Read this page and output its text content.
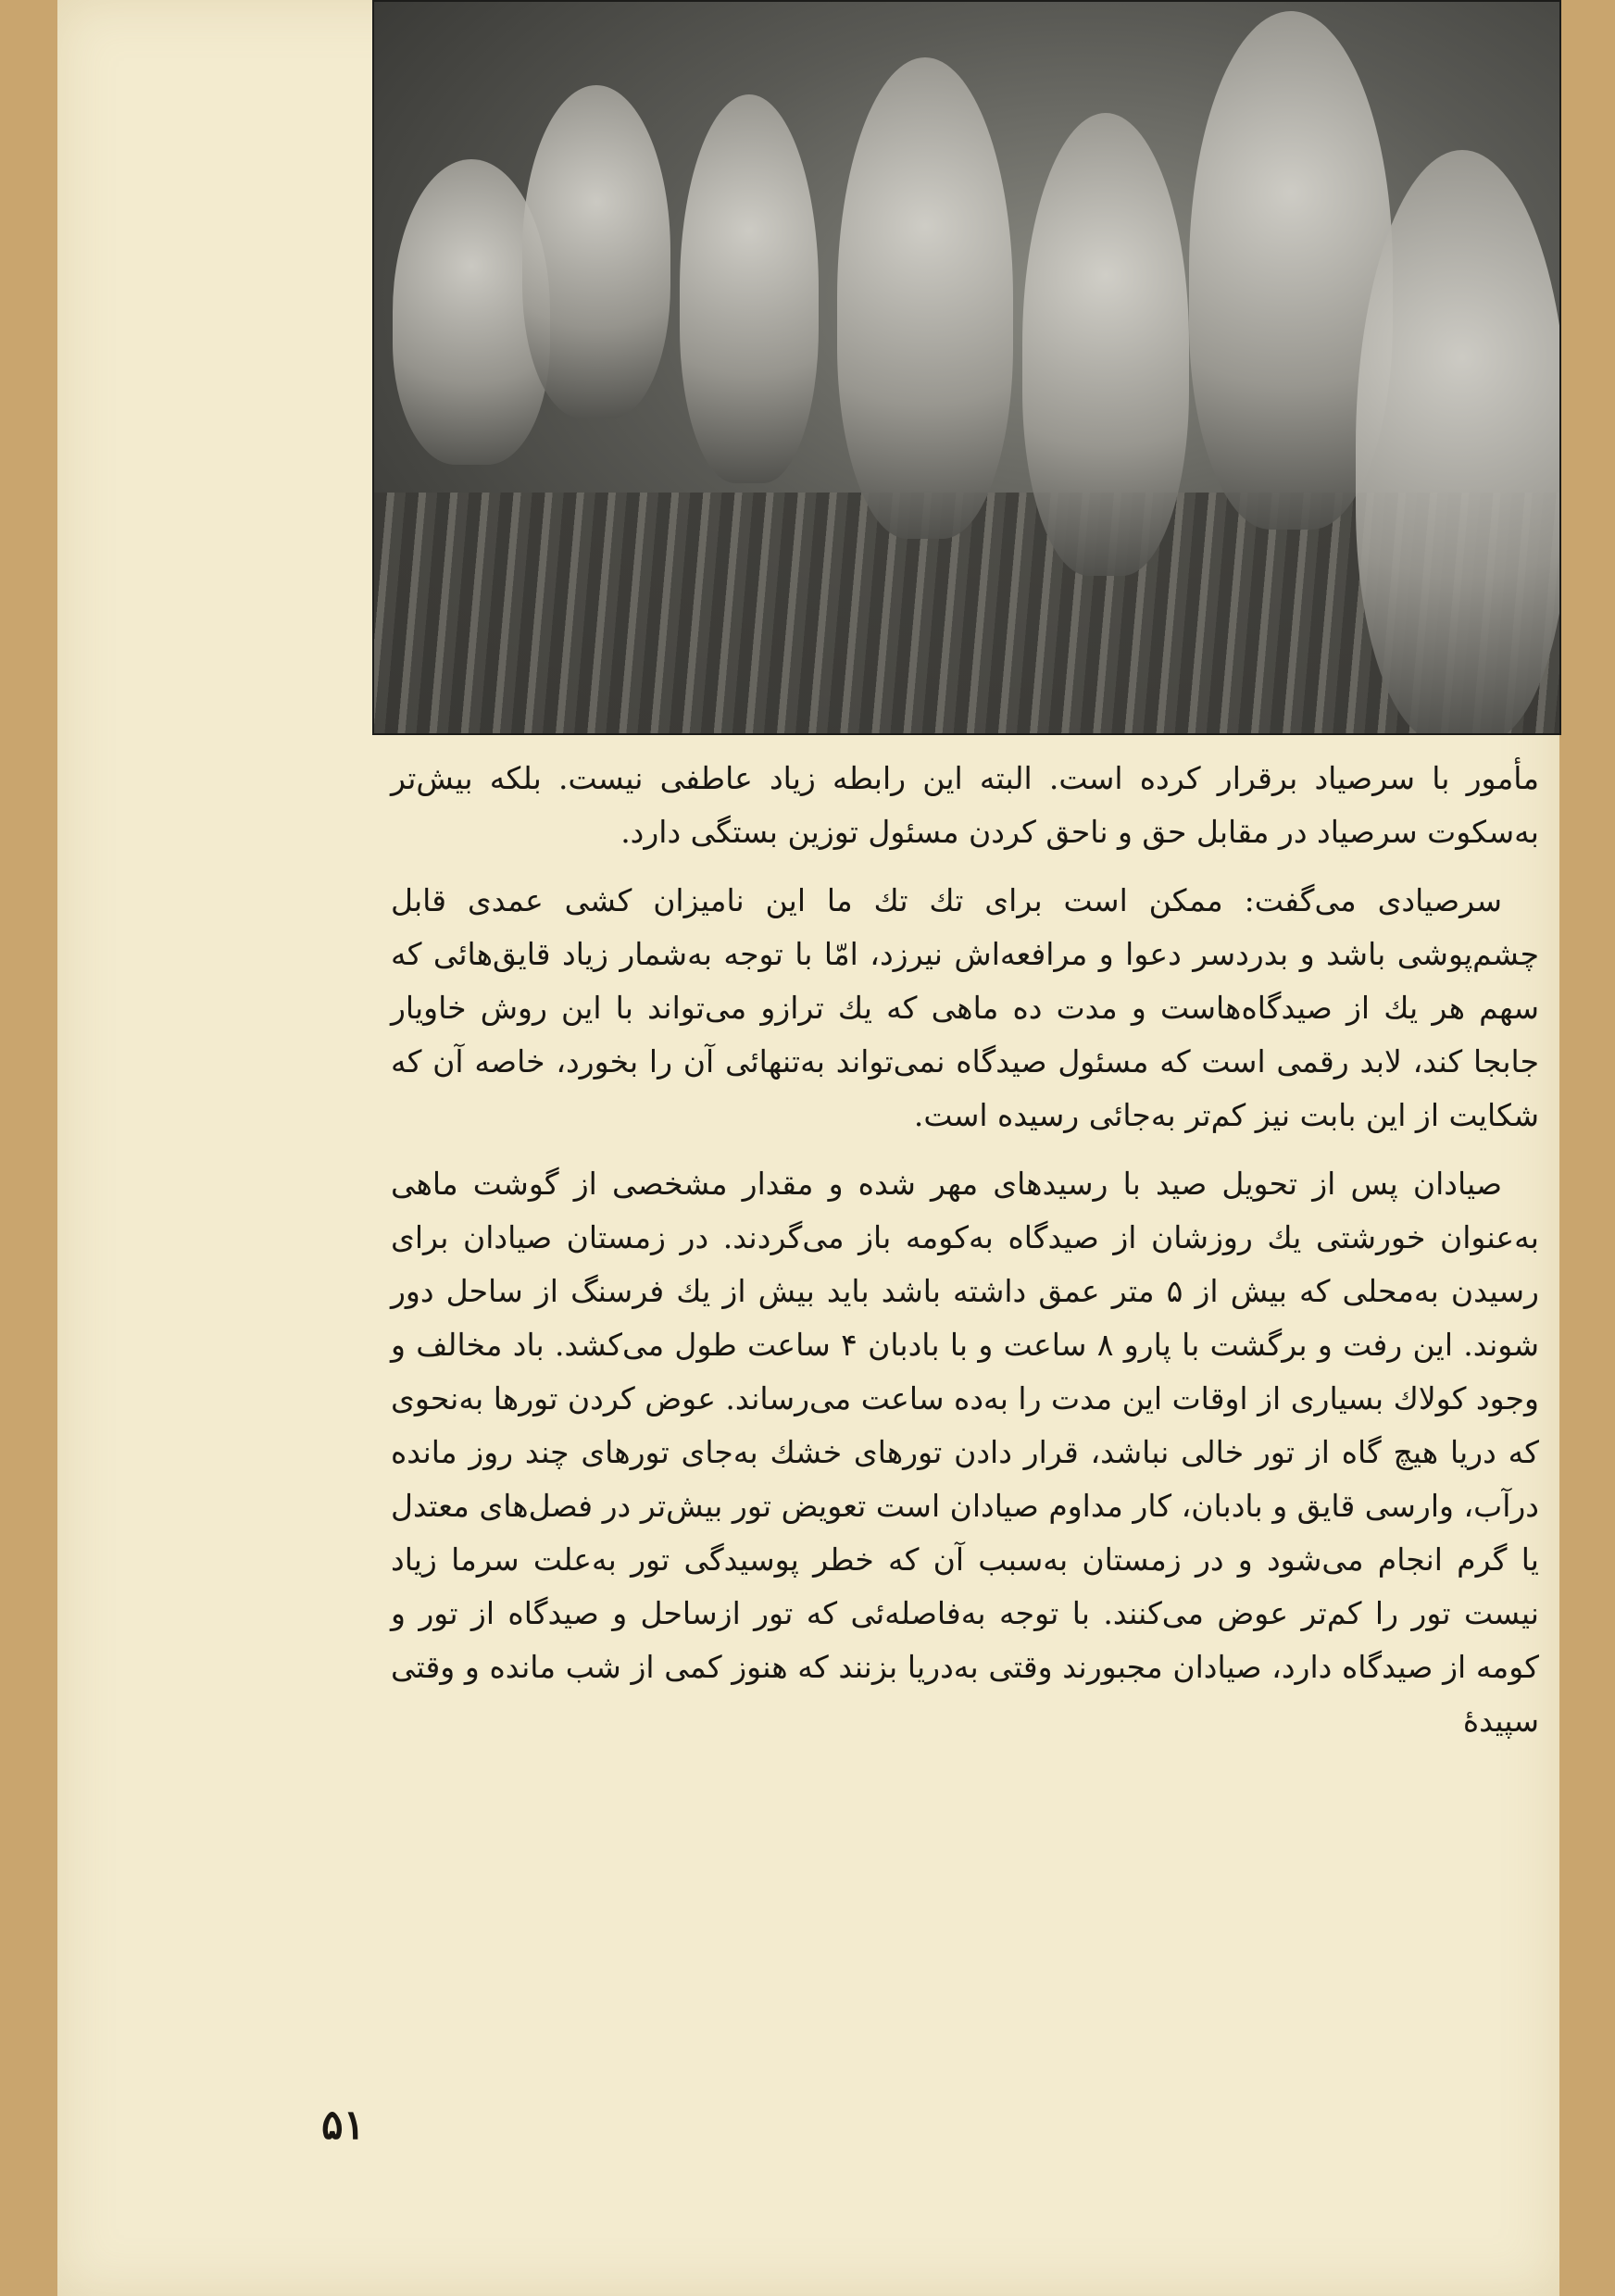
مأمور با سرصیاد برقرار کرده است. البته این رابطه زیاد عاطفی نیست. بلکه بیش‌تر به‌سکوت سرصیاد در مقابل حق و ناحق کردن مسئول توزین بستگی دارد.

سرصیادی می‌گفت: ممکن است برای تك تك ما این نامیزان کشی عمدی قابل چشم‌پوشی باشد و بدردسر دعوا و مرافعه‌اش نیرزد، امّا با توجه به‌شمار زیاد قایق‌هائی که سهم هر یك از صیدگاه‌هاست و مدت ده ماهی که یك ترازو می‌تواند با این روش خاویار جابجا کند، لابد رقمی است که مسئول صیدگاه نمی‌تواند به‌تنهائی آن را بخورد، خاصه آن که شکایت از این بابت نیز کم‌تر به‌جائی رسیده است.

صیادان پس از تحویل صید با رسیدهای مهر شده و مقدار مشخصی از گوشت ماهی به‌عنوان خورشتی یك روزشان از صیدگاه به‌کومه باز می‌گردند. در زمستان صیادان برای رسیدن به‌محلی که بیش از ۵ متر عمق داشته باشد باید بیش از یك فرسنگ از ساحل دور شوند. این رفت و برگشت با پارو ۸ ساعت و با بادبان ۴ ساعت طول می‌کشد. باد مخالف و وجود کولاك بسیاری از اوقات این مدت را به‌ده ساعت می‌رساند. عوض کردن تورها به‌نحوی که دریا هیچ گاه از تور خالی نباشد، قرار دادن تورهای خشك به‌جای تورهای چند روز مانده درآب، وارسی قایق و بادبان، کار مداوم صیادان است تعویض تور بیش‌تر در فصل‌های معتدل یا گرم انجام می‌شود و در زمستان به‌سبب آن که خطر پوسیدگی تور به‌علت سرما زیاد نیست تور را کم‌تر عوض می‌کنند. با توجه به‌فاصله‌ئی که تور ازساحل و صیدگاه از تور و کومه از صیدگاه دارد، صیادان مجبورند وقتی به‌دریا بزنند که هنوز کمی از شب مانده و وقتی سپیدهٔ

۵۱
